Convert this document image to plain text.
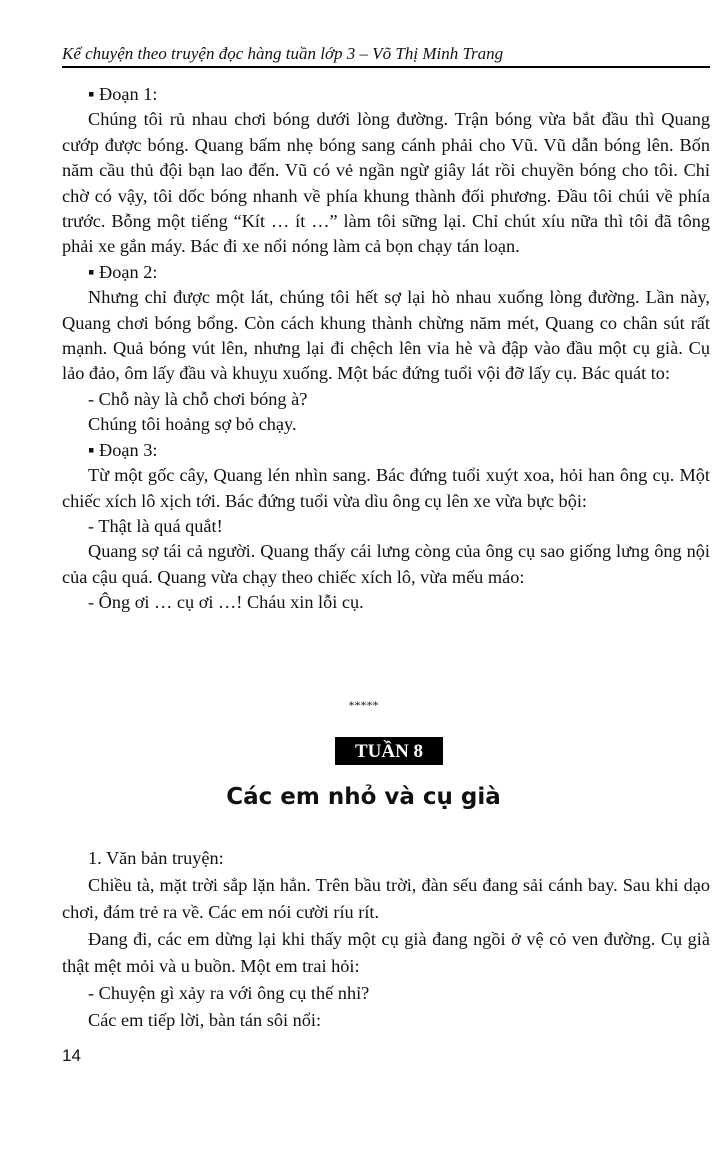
Kể chuyện theo truyện đọc hàng tuần lớp 3 – Võ Thị Minh Trang

▪ Đoạn 1:

Chúng tôi rủ nhau chơi bóng dưới lòng đường. Trận bóng vừa bắt đầu thì Quang cướp được bóng. Quang bấm nhẹ bóng sang cánh phải cho Vũ. Vũ dẫn bóng lên. Bốn năm cầu thủ đội bạn lao đến. Vũ có vẻ ngần ngừ giây lát rồi chuyền bóng cho tôi. Chỉ chờ có vậy, tôi dốc bóng nhanh về phía khung thành đối phương. Đầu tôi chúi về phía trước. Bỗng một tiếng “Kít … ít …” làm tôi sững lại. Chỉ chút xíu nữa thì tôi đã tông phải xe gắn máy. Bác đi xe nổi nóng làm cả bọn chạy tán loạn.

▪ Đoạn 2:

Nhưng chỉ được một lát, chúng tôi hết sợ lại hò nhau xuống lòng đường. Lần này, Quang chơi bóng bổng. Còn cách khung thành chừng năm mét, Quang co chân sút rất mạnh. Quả bóng vút lên, nhưng lại đi chệch lên vỉa hè và đập vào đầu một cụ già. Cụ lảo đảo, ôm lấy đầu và khuỵu xuống. Một bác đứng tuổi vội đỡ lấy cụ. Bác quát to:

- Chỗ này là chỗ chơi bóng à?

Chúng tôi hoảng sợ bỏ chạy.

▪ Đoạn 3:

Từ một gốc cây, Quang lén nhìn sang. Bác đứng tuổi xuýt xoa, hỏi han ông cụ. Một chiếc xích lô xịch tới. Bác đứng tuổi vừa dìu ông cụ lên xe vừa bực bội:

- Thật là quá quắt!

Quang sợ tái cả người. Quang thấy cái lưng còng của ông cụ sao giống lưng ông nội của cậu quá. Quang vừa chạy theo chiếc xích lô, vừa mếu máo:

- Ông ơi … cụ ơi …! Cháu xin lỗi cụ.

*****
TUẦN 8
Các em nhỏ và cụ già

1. Văn bản truyện:

Chiều tà, mặt trời sắp lặn hẳn. Trên bầu trời, đàn sếu đang sải cánh bay. Sau khi dạo chơi, đám trẻ ra về. Các em nói cười ríu rít.

Đang đi, các em dừng lại khi thấy một cụ già đang ngồi ở vệ cỏ ven đường. Cụ già thật mệt mỏi và u buồn. Một em trai hỏi:

- Chuyện gì xảy ra với ông cụ thế nhỉ?

Các em tiếp lời, bàn tán sôi nổi:

14
